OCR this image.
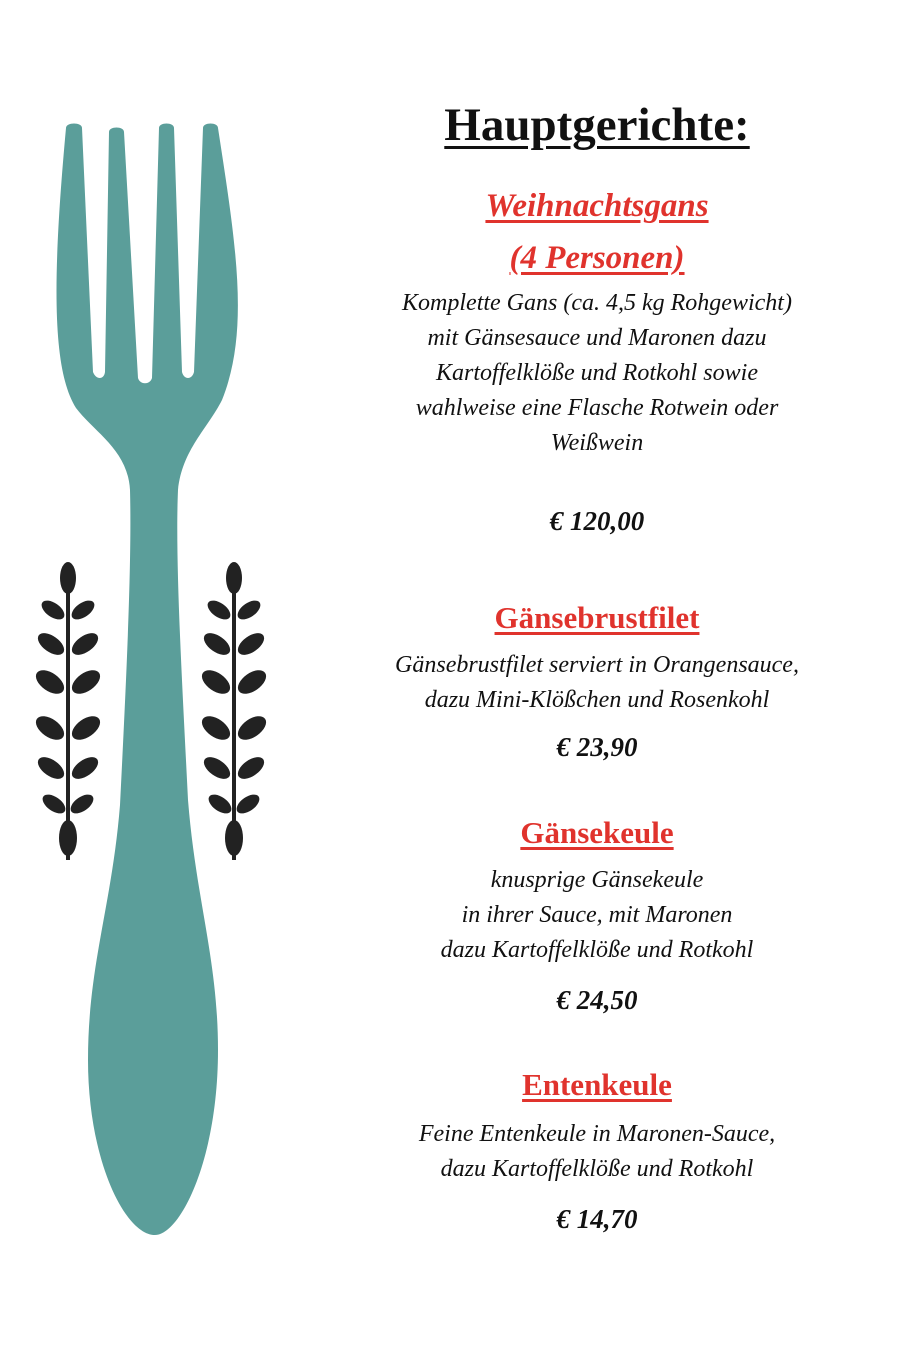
Hauptgerichte:
Weihnachtsgans
(4 Personen)
Komplette Gans (ca. 4,5 kg Rohgewicht)
mit Gänsesauce und Maronen dazu
Kartoffelklöße und Rotkohl sowie
wahlweise eine Flasche Rotwein oder
Weißwein
€ 120,00
Gänsebrustfilet
Gänsebrustfilet serviert in Orangensauce,
dazu Mini-Klößchen und Rosenkohl
€ 23,90
Gänsekeule
knusprige Gänsekeule
in ihrer Sauce, mit Maronen
dazu Kartoffelklöße und Rotkohl
€ 24,50
Entenkeule
Feine Entenkeule in Maronen-Sauce,
dazu Kartoffelklöße und Rotkohl
€ 14,70
